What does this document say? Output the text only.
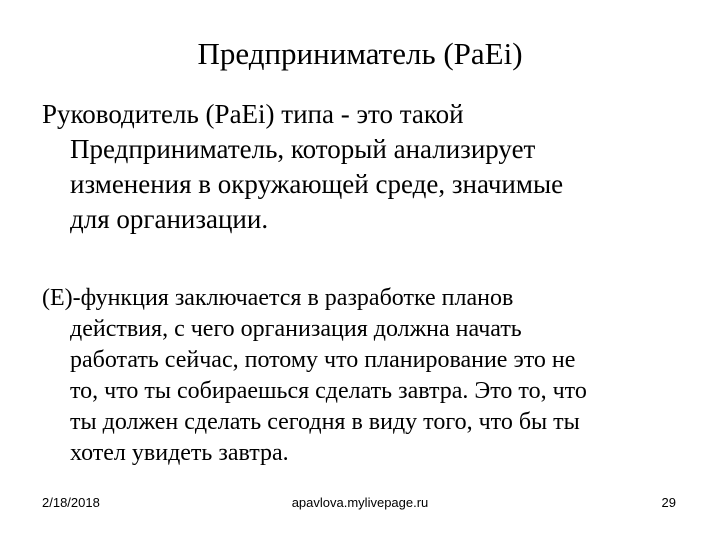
Предприниматель (PaEi)

Руководитель (PaEi) типа - это такой
Предприниматель, который анализирует
изменения в окружающей среде, значимые
для организации.

(E)-функция заключается в разработке планов
действия, с чего организация должна начать
работать сейчас, потому что планирование это не
то, что ты собираешься сделать завтра. Это то, что
ты должен сделать сегодня в виду того, что бы ты
хотел увидеть завтра.

2/18/2018	apavlova.mylivepage.ru	29
